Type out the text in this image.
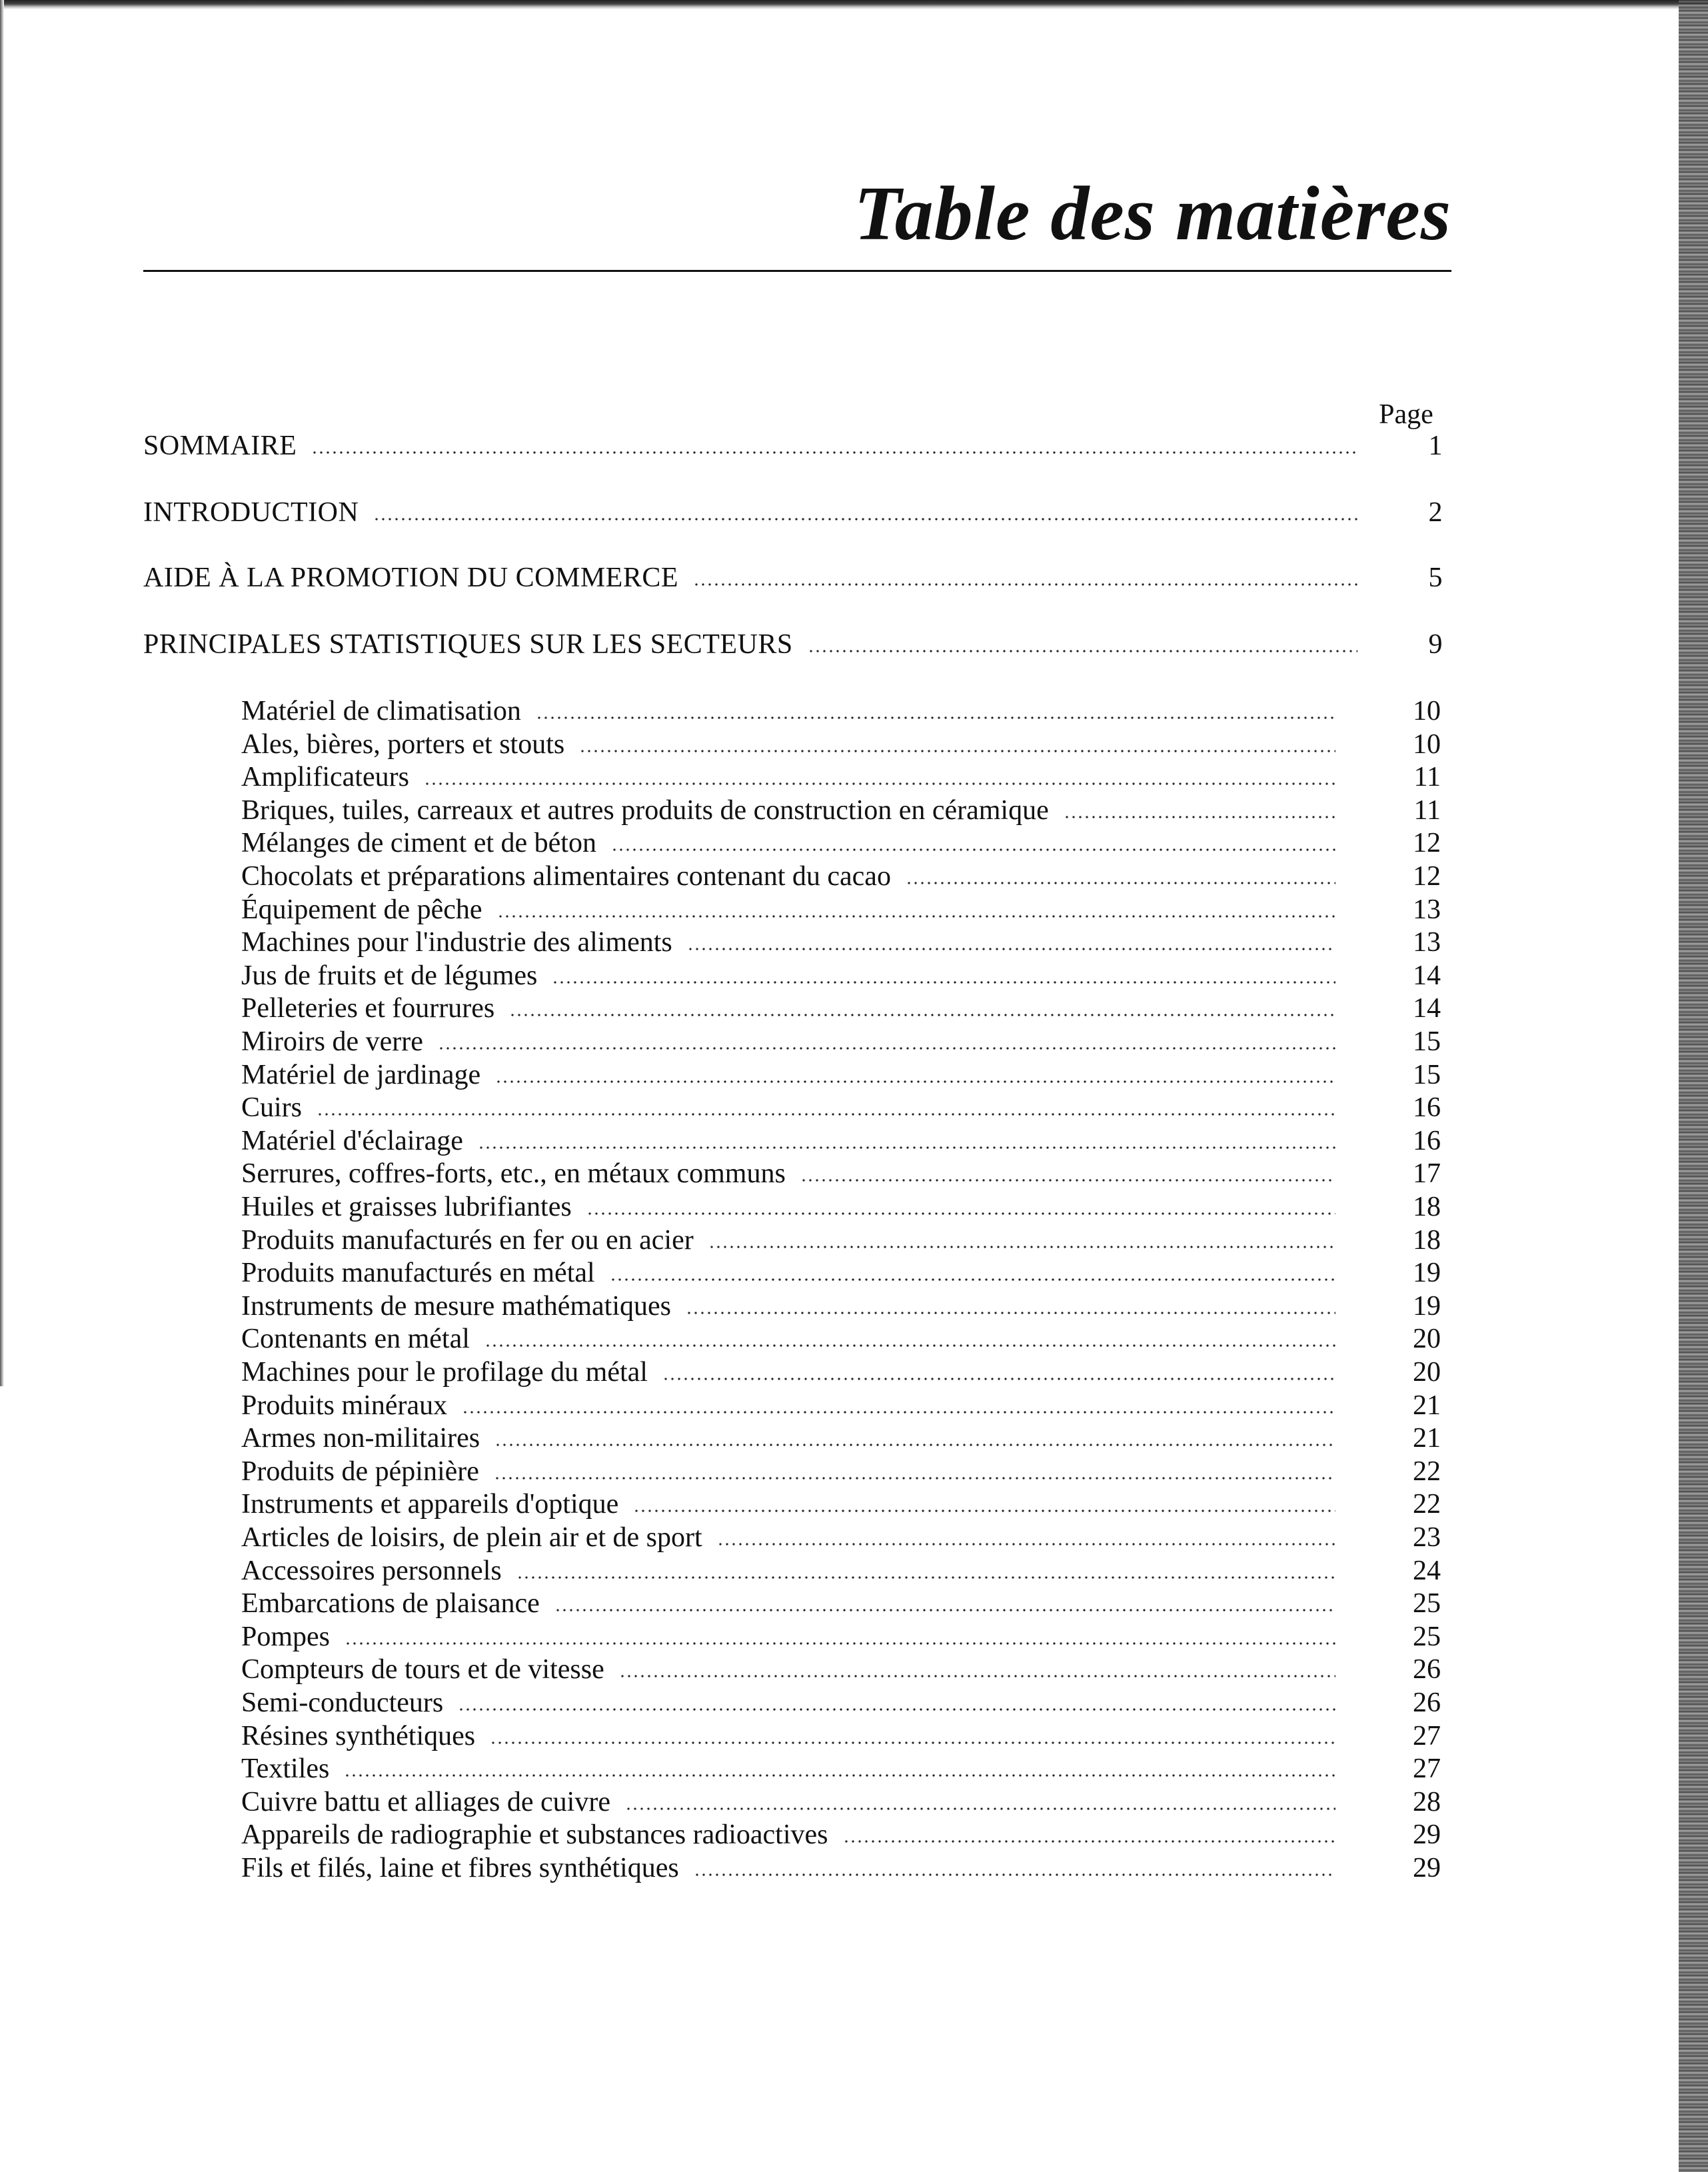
Table des matières
Page
SOMMAIRE	1
INTRODUCTION	2
AIDE À LA PROMOTION DU COMMERCE	5
PRINCIPALES STATISTIQUES SUR LES SECTEURS	9
Matériel de climatisation	10
Ales, bières, porters et stouts	10
Amplificateurs	11
Briques, tuiles, carreaux et autres produits de construction en céramique	11
Mélanges de ciment et de béton	12
Chocolats et préparations alimentaires contenant du cacao	12
Équipement de pêche	13
Machines pour l'industrie des aliments	13
Jus de fruits et de légumes	14
Pelleteries et fourrures	14
Miroirs de verre	15
Matériel de jardinage	15
Cuirs	16
Matériel d'éclairage	16
Serrures, coffres-forts, etc., en métaux communs	17
Huiles et graisses lubrifiantes	18
Produits manufacturés en fer ou en acier	18
Produits manufacturés en métal	19
Instruments de mesure mathématiques	19
Contenants en métal	20
Machines pour le profilage du métal	20
Produits minéraux	21
Armes non-militaires	21
Produits de pépinière	22
Instruments et appareils d'optique	22
Articles de loisirs, de plein air et de sport	23
Accessoires personnels	24
Embarcations de plaisance	25
Pompes	25
Compteurs de tours et de vitesse	26
Semi-conducteurs	26
Résines synthétiques	27
Textiles	27
Cuivre battu et alliages de cuivre	28
Appareils de radiographie et substances radioactives	29
Fils et filés, laine et fibres synthétiques	29
